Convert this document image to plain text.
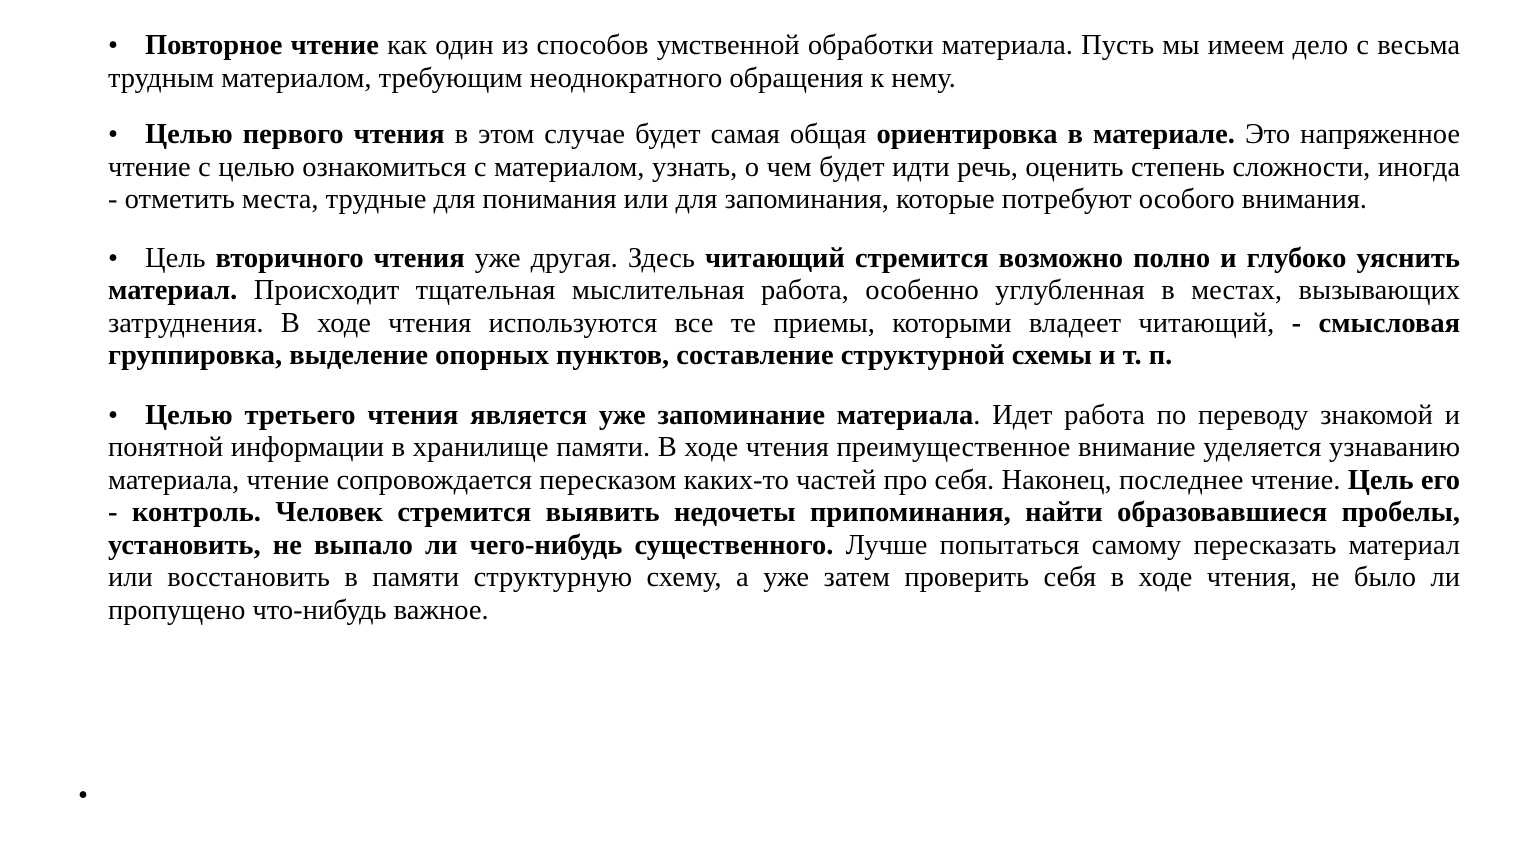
• Повторное чтение как один из способов умственной обработки материала. Пусть мы имеем дело с весьма трудным материалом, требующим неоднократного обращения к нему.

• Целью первого чтения в этом случае будет самая общая ориентировка в материале. Это напряженное чтение с целью ознакомиться с материалом, узнать, о чем будет идти речь, оценить степень сложности, иногда - отметить места, трудные для понимания или для запоминания, которые потребуют особого внимания.

• Цель вторичного чтения уже другая. Здесь читающий стремится возможно полно и глубоко уяснить материал. Происходит тщательная мыслительная работа, особенно углубленная в местах, вызывающих затруднения. В ходе чтения используются все те приемы, которыми владеет читающий, - смысловая группировка, выделение опорных пунктов, составление структурной схемы и т. п.

• Целью третьего чтения является уже запоминание материала. Идет работа по переводу знакомой и понятной информации в хранилище памяти. В ходе чтения преимущественное внимание уделяется узнаванию материала, чтение сопровождается пересказом каких-то частей про себя. Наконец, последнее чтение. Цель его - контроль. Человек стремится выявить недочеты припоминания, найти образовавшиеся пробелы, установить, не выпало ли чего-нибудь существенного. Лучше попытаться самому пересказать материал или восстановить в памяти структурную схему, а уже затем проверить себя в ходе чтения, не было ли пропущено что-нибудь важное.

•
